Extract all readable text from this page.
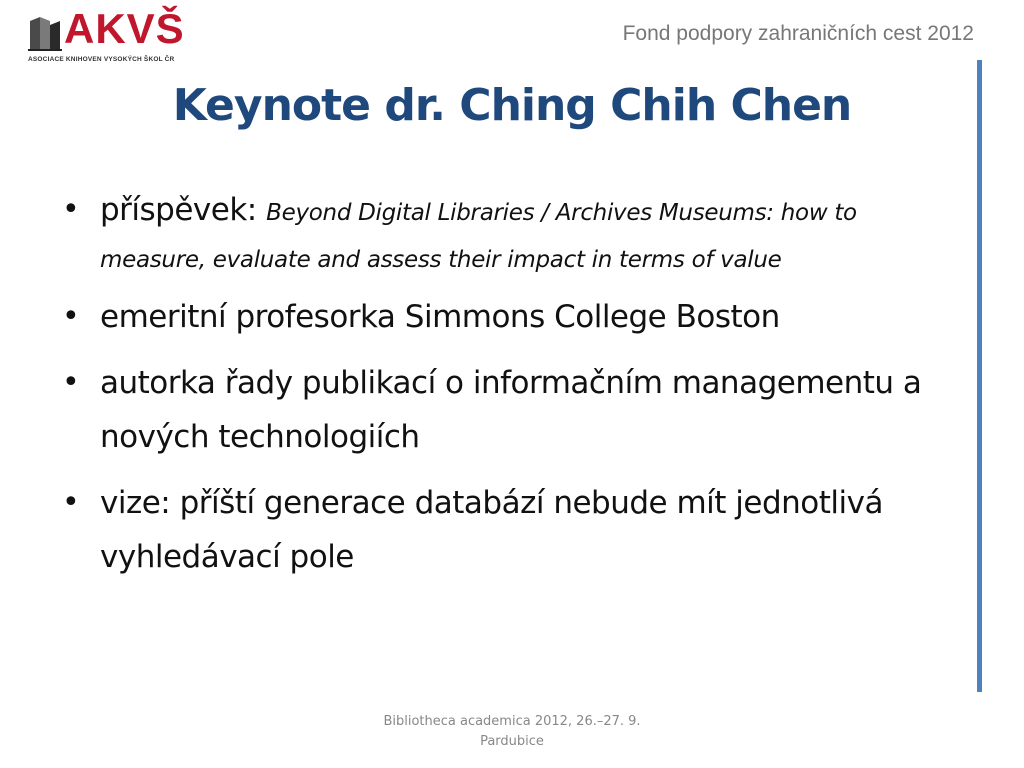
AKVŠ
ASOCIACE KNIHOVEN VYSOKÝCH ŠKOL ČR
Fond podpory zahraničních cest 2012
Keynote dr. Ching Chih Chen
• příspěvek: Beyond Digital Libraries / Archives Museums: how to measure, evaluate and assess their impact in terms of value
• emeritní profesorka Simmons College Boston
• autorka řady publikací o informačním managementu a nových technologiích
• vize: příští generace databází nebude mít jednotlivá vyhledávací pole
Bibliotheca academica 2012, 26.–27. 9.
Pardubice
